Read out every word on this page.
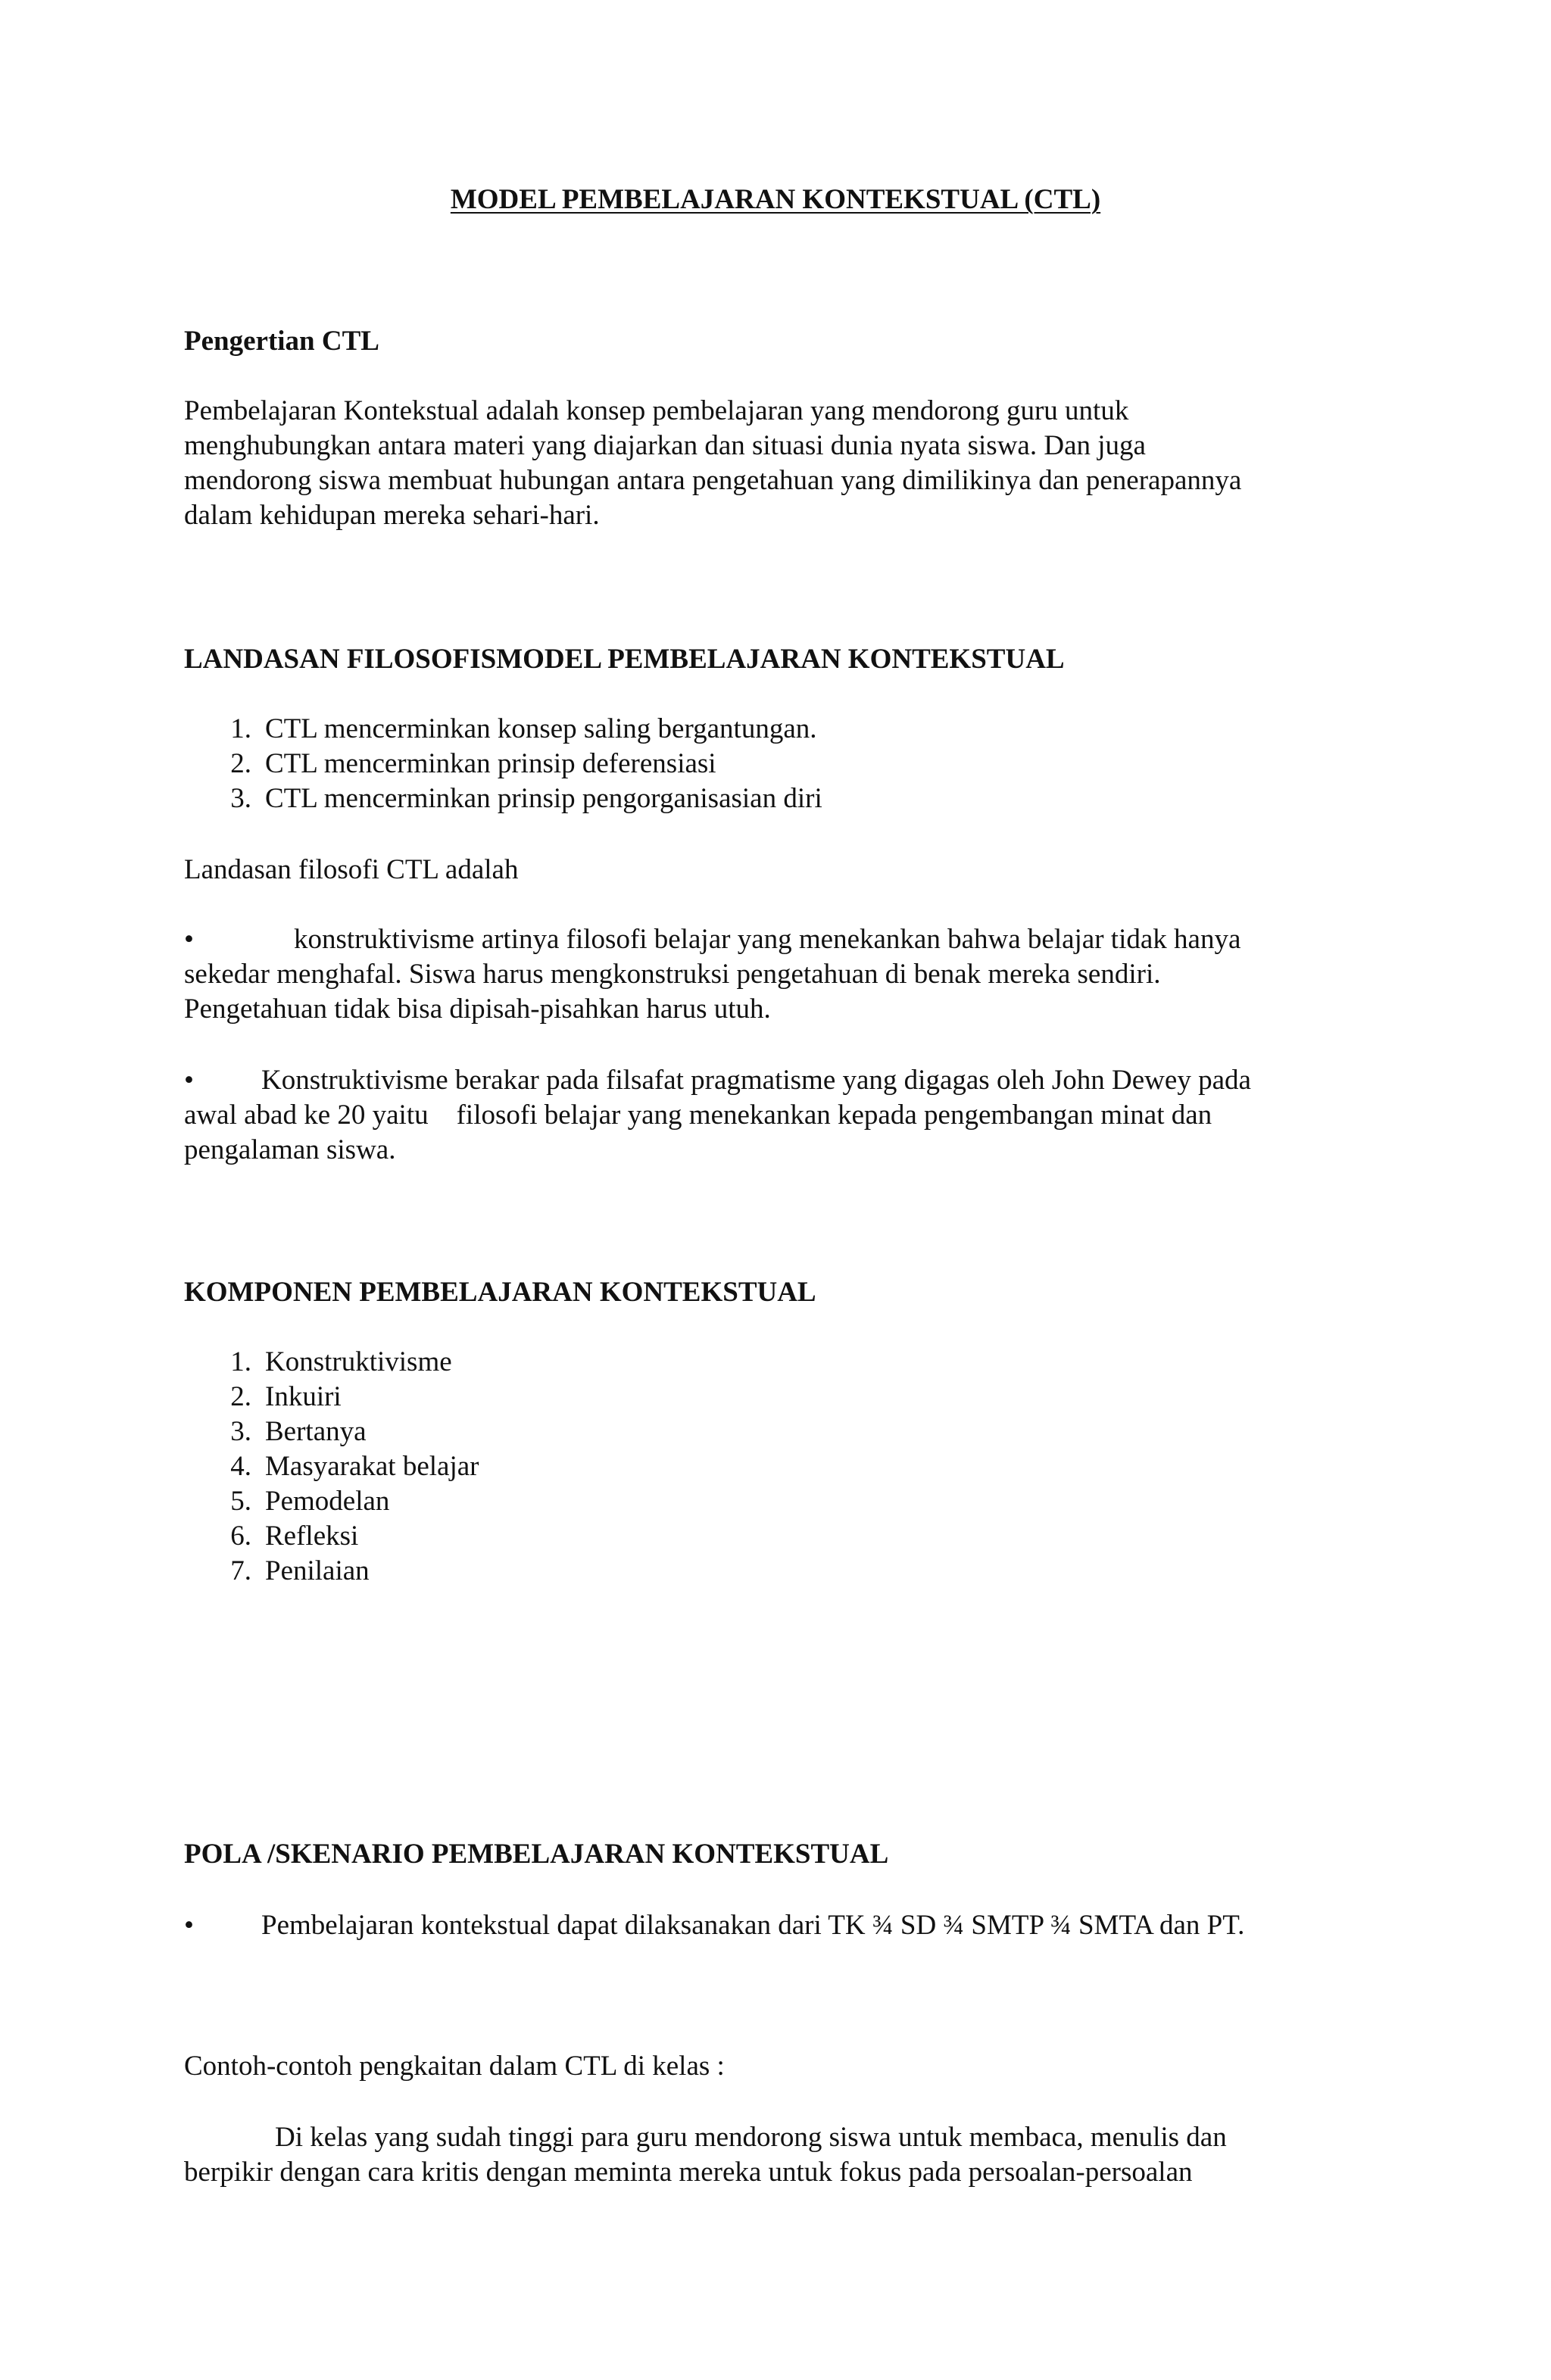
MODEL PEMBELAJARAN KONTEKSTUAL (CTL)

Pengertian CTL

Pembelajaran Kontekstual adalah konsep pembelajaran yang mendorong guru untuk

menghubungkan antara materi yang diajarkan dan situasi dunia nyata siswa. Dan juga

mendorong siswa membuat hubungan antara pengetahuan yang dimilikinya dan penerapannya

dalam kehidupan mereka sehari-hari.

LANDASAN FILOSOFISMODEL PEMBELAJARAN KONTEKSTUAL

1. CTL mencerminkan konsep saling bergantungan.
2. CTL mencerminkan prinsip deferensiasi
3. CTL mencerminkan prinsip pengorganisasian diri

Landasan filosofi CTL adalah

•	konstruktivisme artinya filosofi belajar yang menekankan bahwa belajar tidak hanya

sekedar menghafal. Siswa harus mengkonstruksi pengetahuan di benak mereka sendiri.

Pengetahuan tidak bisa dipisah-pisahkan harus utuh.

• Konstruktivisme berakar pada filsafat pragmatisme yang digagas oleh John Dewey pada

awal abad ke 20 yaitu    filosofi belajar yang menekankan kepada pengembangan minat dan

pengalaman siswa.

KOMPONEN PEMBELAJARAN KONTEKSTUAL

1. Konstruktivisme
2. Inkuiri
3. Bertanya
4. Masyarakat belajar
5. Pemodelan
6. Refleksi
7. Penilaian

POLA /SKENARIO PEMBELAJARAN KONTEKSTUAL

• Pembelajaran kontekstual dapat dilaksanakan dari TK ¾ SD ¾ SMTP ¾ SMTA dan PT.

Contoh-contoh pengkaitan dalam CTL di kelas :

Di kelas yang sudah tinggi para guru mendorong siswa untuk membaca, menulis dan

berpikir dengan cara kritis dengan meminta mereka untuk fokus pada persoalan-persoalan
